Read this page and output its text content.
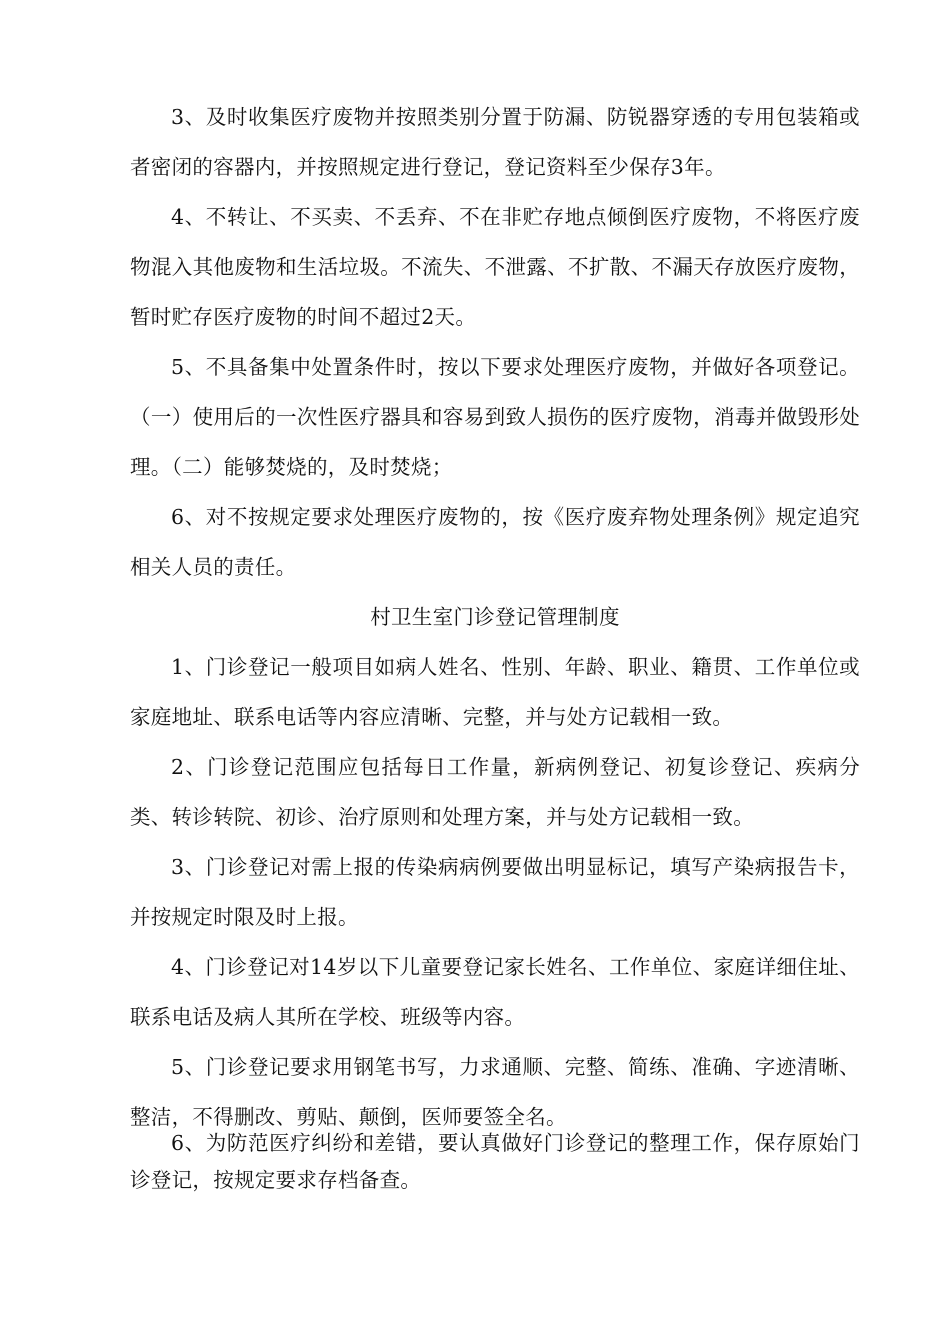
3、及时收集医疗废物并按照类别分置于防漏、防锐器穿透的专用包装箱或者密闭的容器内，并按照规定进行登记，登记资料至少保存3年。

4、不转让、不买卖、不丢弃、不在非贮存地点倾倒医疗废物，不将医疗废物混入其他废物和生活垃圾。不流失、不泄露、不扩散、不漏天存放医疗废物，暂时贮存医疗废物的时间不超过2天。

5、不具备集中处置条件时，按以下要求处理医疗废物，并做好各项登记。（一）使用后的一次性医疗器具和容易到致人损伤的医疗废物，消毒并做毁形处理。（二）能够焚烧的，及时焚烧；

6、对不按规定要求处理医疗废物的，按《医疗废弃物处理条例》规定追究相关人员的责任。

村卫生室门诊登记管理制度

1、门诊登记一般项目如病人姓名、性别、年龄、职业、籍贯、工作单位或家庭地址、联系电话等内容应清晰、完整，并与处方记载相一致。

2、门诊登记范围应包括每日工作量，新病例登记、初复诊登记、疾病分类、转诊转院、初诊、治疗原则和处理方案，并与处方记载相一致。

3、门诊登记对需上报的传染病病例要做出明显标记，填写产染病报告卡，并按规定时限及时上报。

4、门诊登记对14岁以下儿童要登记家长姓名、工作单位、家庭详细住址、联系电话及病人其所在学校、班级等内容。

5、门诊登记要求用钢笔书写，力求通顺、完整、简练、准确、字迹清晰、整洁，不得删改、剪贴、颠倒，医师要签全名。

6、为防范医疗纠纷和差错，要认真做好门诊登记的整理工作，保存原始门诊登记，按规定要求存档备查。
